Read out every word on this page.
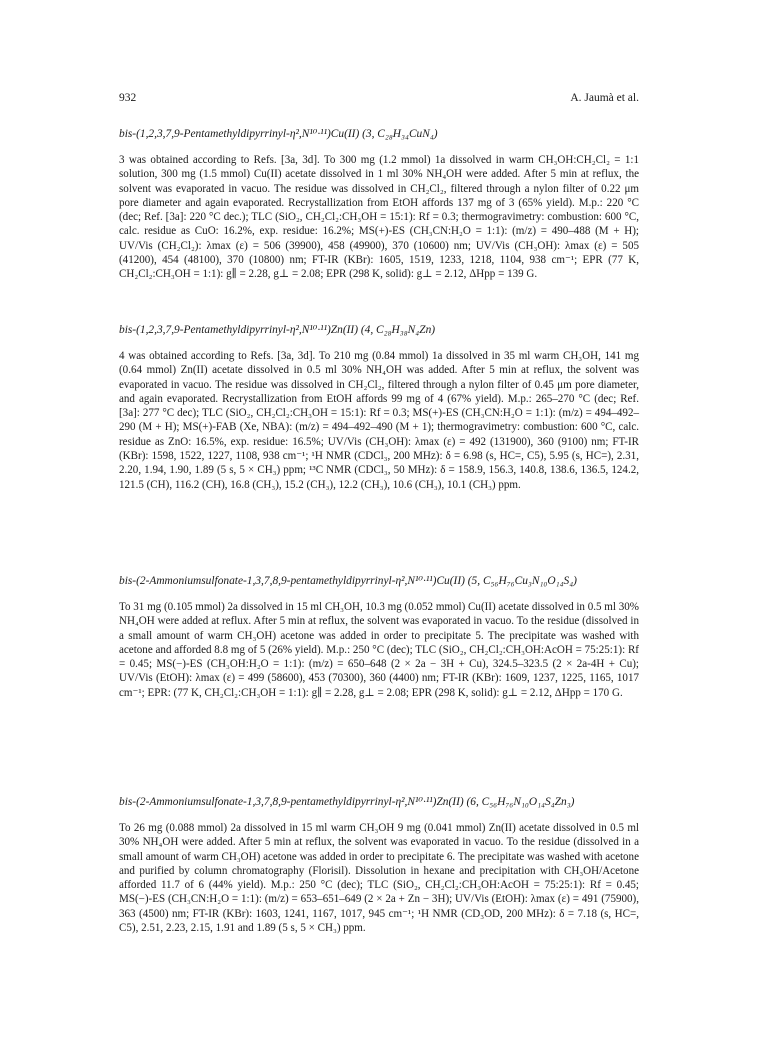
932	A. Jaumà et al.

bis-(1,2,3,7,9-Pentamethyldipyrrinyl-η²,N¹⁰·¹¹)Cu(II) (3, C₂₈H₃₄CuN₄)

3 was obtained according to Refs. [3a, 3d]. To 300 mg (1.2 mmol) 1a dissolved in warm CH₃OH:CH₂Cl₂ = 1:1 solution, 300 mg (1.5 mmol) Cu(II) acetate dissolved in 1 ml 30% NH₄OH were added. After 5 min at reflux, the solvent was evaporated in vacuo. The residue was dissolved in CH₂Cl₂, filtered through a nylon filter of 0.22 μm pore diameter and again evaporated. Recrystallization from EtOH affords 137 mg of 3 (65% yield). M.p.: 220 °C (dec; Ref. [3a]: 220 °C dec.); TLC (SiO₂, CH₂Cl₂:CH₃OH = 15:1): Rf = 0.3; thermogravimetry: combustion: 600 °C, calc. residue as CuO: 16.2%, exp. residue: 16.2%; MS(+)-ES (CH₃CN:H₂O = 1:1): (m/z) = 490–488 (M + H); UV/Vis (CH₂Cl₂): λmax (ε) = 506 (39900), 458 (49900), 370 (10600) nm; UV/Vis (CH₃OH): λmax (ε) = 505 (41200), 454 (48100), 370 (10800) nm; FT-IR (KBr): 1605, 1519, 1233, 1218, 1104, 938 cm⁻¹; EPR (77 K, CH₂Cl₂:CH₃OH = 1:1): g∥ = 2.28, g⊥ = 2.08; EPR (298 K, solid): g⊥ = 2.12, ΔHpp = 139 G.

bis-(1,2,3,7,9-Pentamethyldipyrrinyl-η²,N¹⁰·¹¹)Zn(II) (4, C₂₈H₃₈N₄Zn)

4 was obtained according to Refs. [3a, 3d]. To 210 mg (0.84 mmol) 1a dissolved in 35 ml warm CH₃OH, 141 mg (0.64 mmol) Zn(II) acetate dissolved in 0.5 ml 30% NH₄OH was added. After 5 min at reflux, the solvent was evaporated in vacuo. The residue was dissolved in CH₂Cl₂, filtered through a nylon filter of 0.45 μm pore diameter, and again evaporated. Recrystallization from EtOH affords 99 mg of 4 (67% yield). M.p.: 265–270 °C (dec; Ref. [3a]: 277 °C dec); TLC (SiO₂, CH₂Cl₂:CH₃OH = 15:1): Rf = 0.3; MS(+)-ES (CH₃CN:H₂O = 1:1): (m/z) = 494–492–290 (M + H); MS(+)-FAB (Xe, NBA): (m/z) = 494–492–490 (M + 1); thermogravimetry: combustion: 600 °C, calc. residue as ZnO: 16.5%, exp. residue: 16.5%; UV/Vis (CH₃OH): λmax (ε) = 492 (131900), 360 (9100) nm; FT-IR (KBr): 1598, 1522, 1227, 1108, 938 cm⁻¹; ¹H NMR (CDCl₃, 200 MHz): δ = 6.98 (s, HC=, C5), 5.95 (s, HC=), 2.31, 2.20, 1.94, 1.90, 1.89 (5 s, 5 × CH₃) ppm; ¹³C NMR (CDCl₃, 50 MHz): δ = 158.9, 156.3, 140.8, 138.6, 136.5, 124.2, 121.5 (CH), 116.2 (CH), 16.8 (CH₃), 15.2 (CH₃), 12.2 (CH₃), 10.6 (CH₃), 10.1 (CH₃) ppm.

bis-(2-Ammoniumsulfonate-1,3,7,8,9-pentamethyldipyrrinyl-η²,N¹⁰·¹¹)Cu(II) (5, C₅₆H₇₆Cu₃N₁₀O₁₄S₄)

To 31 mg (0.105 mmol) 2a dissolved in 15 ml CH₃OH, 10.3 mg (0.052 mmol) Cu(II) acetate dissolved in 0.5 ml 30% NH₄OH were added at reflux. After 5 min at reflux, the solvent was evaporated in vacuo. To the residue (dissolved in a small amount of warm CH₃OH) acetone was added in order to precipitate 5. The precipitate was washed with acetone and afforded 8.8 mg of 5 (26% yield). M.p.: 250 °C (dec); TLC (SiO₂, CH₂Cl₂:CH₃OH:AcOH = 75:25:1): Rf = 0.45; MS(−)-ES (CH₃OH:H₂O = 1:1): (m/z) = 650–648 (2 × 2a − 3H + Cu), 324.5–323.5 (2 × 2a-4H + Cu); UV/Vis (EtOH): λmax (ε) = 499 (58600), 453 (70300), 360 (4400) nm; FT-IR (KBr): 1609, 1237, 1225, 1165, 1017 cm⁻¹; EPR: (77 K, CH₂Cl₂:CH₃OH = 1:1): g∥ = 2.28, g⊥ = 2.08; EPR (298 K, solid): g⊥ = 2.12, ΔHpp = 170 G.

bis-(2-Ammoniumsulfonate-1,3,7,8,9-pentamethyldipyrrinyl-η²,N¹⁰·¹¹)Zn(II) (6, C₅₆H₇₆N₁₀O₁₄S₄Zn₃)

To 26 mg (0.088 mmol) 2a dissolved in 15 ml warm CH₃OH 9 mg (0.041 mmol) Zn(II) acetate dissolved in 0.5 ml 30% NH₄OH were added. After 5 min at reflux, the solvent was evaporated in vacuo. To the residue (dissolved in a small amount of warm CH₃OH) acetone was added in order to precipitate 6. The precipitate was washed with acetone and purified by column chromatography (Florisil). Dissolution in hexane and precipitation with CH₃OH/Acetone afforded 11.7 of 6 (44% yield). M.p.: 250 °C (dec); TLC (SiO₂, CH₂Cl₂:CH₃OH:AcOH = 75:25:1): Rf = 0.45; MS(−)-ES (CH₃CN:H₂O = 1:1): (m/z) = 653–651–649 (2 × 2a + Zn − 3H); UV/Vis (EtOH): λmax (ε) = 491 (75900), 363 (4500) nm; FT-IR (KBr): 1603, 1241, 1167, 1017, 945 cm⁻¹; ¹H NMR (CD₃OD, 200 MHz): δ = 7.18 (s, HC=, C5), 2.51, 2.23, 2.15, 1.91 and 1.89 (5 s, 5 × CH₃) ppm.
